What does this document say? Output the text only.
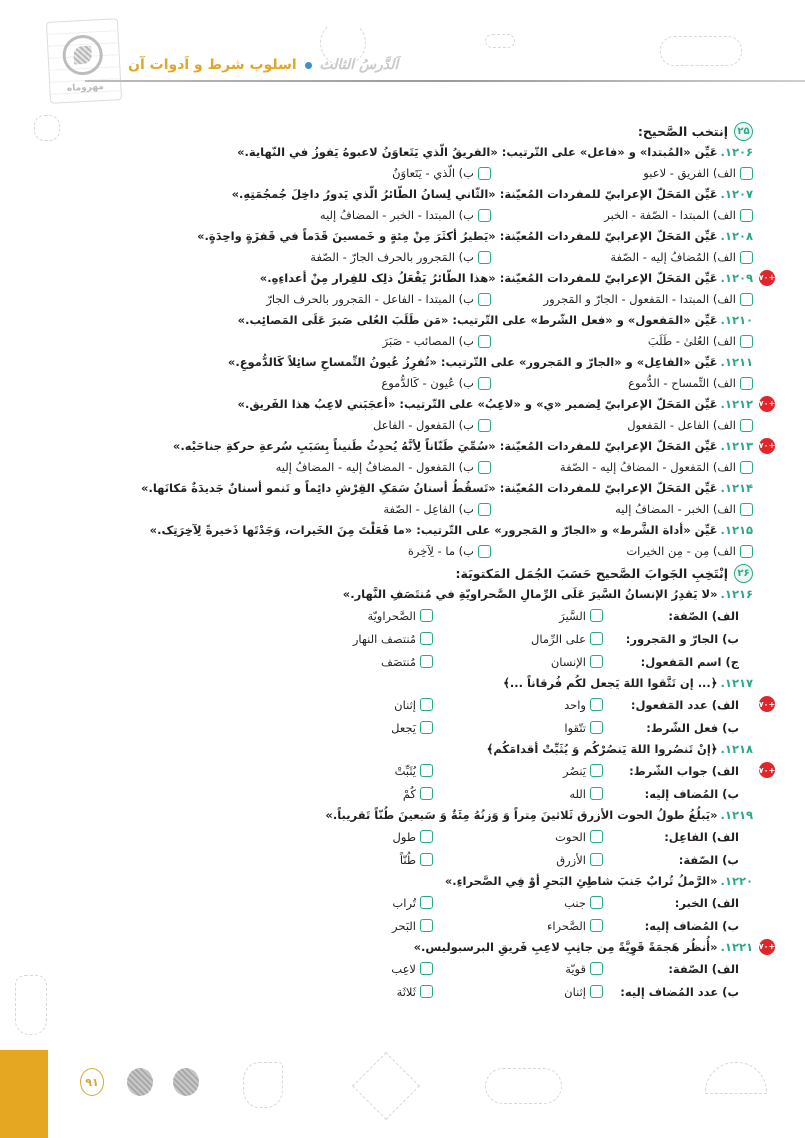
مهروماه
اَلدَّرسُ الثالث  اسلوب شرط و اَدوات آن
۲۵
إنتخب الصَّحيح:
۱۲۰۶.عَيِّن «المُبتدا» و «فاعل» على التّرتيب: «الفريقُ الّذي يَتَعاوَنُ لاعبوهُ يَفوزُ في النّهاية.»
الف) الفريق - لاعبو
ب) الّذي - يَتَعاوَنُ
۱۲۰۷.عَيِّن المَحَلّ الإعرابيّ للمفردات المُعيّنة: «الثّاني لِسانُ الطّائرُ الّذي يَدورُ داخِلَ جُمجُمَتِهِ.»
الف) المبتدا - الصّفة - الخبر
ب) المبتدا - الخبر - المضافُ إليه
۱۲۰۸.عَيِّن المَحَلّ الإعرابيّ للمفردات المُعيّنة: «يَطيرُ أكثَرَ مِنْ مِئةٍ و خَمسينَ قَدَماً في قَفزَةٍ واحِدَةٍ.»
الف) المُضافُ إليه - الصّفة
ب) المَجرور بالحرف الجارّ - الصّفة
+۷۰
۱۲۰۹.عَيِّن المَحَلّ الإعرابيّ للمفردات المُعيّنة: «هذا الطّائرُ يَفْعَلُ ذلِک للفِرار مِنْ أعداءِهِ.»
الف) المبتدا - المَفعول - الجارّ و المَجرور
ب) المبتدا - الفاعل - المَجرور بالحرف الجارّ
۱۲۱۰.عَيِّن «المَفعول» و «فعل الشّرط» على التّرتيب: «مَن طَلَبَ العُلى صَبرَ عَلَى المَصائِب.»
الف) العُلىٰ - طَلَبَ
ب) المصائب - صَبَرَ
۱۲۱۱.عَيِّن «الفاعِل» و «الجارّ و المَجرور» على التّرتيب: «تُفرِزُ عُيونُ التِّمساحِ سائِلاً كَالدُّموعِ.»
الف) التِّمساح - الدُّموع
ب) عُيون - كَالدُّموع
+۷۰
۱۲۱۲.عَيِّن المَحَلّ الإعرابيّ لِضمير «ي» و «لاعِبُ» على التّرتيب: «أعجَبَني لاعِبُ هذا الفَريق.»
الف) الفاعل - المَفعول
ب) المَفعول - الفاعل
+۷۰
۱۲۱۳.عَيِّن المَحَلّ الإعرابيّ للمفردات المُعيّنة: «سُمِّيَ طَنّاناً لِأنَّهُ يُحدِثُ طَنيناً بِسَبَبِ سُرعةِ حركةِ جناحَيْه.»
الف) المَفعول - المضافُ إليه - الصّفة
ب) المَفعول - المضافُ إليه - المضافُ إليه
۱۲۱۴.عَيِّن المَحَلّ الإعرابيّ للمفردات المُعيّنة: «تَسقُطُ أسنانُ سَمَکِ القِرْشِ دائِماً و تَنمو أسنانٌ جَديدَةٌ مَكانَها.»
الف) الخبر - المضافُ إليه
ب) الفاعِل - الصّفة
۱۲۱۵.عَيِّن «أداة الشَّرط» و «الجارّ و المَجرور» على التّرتيب: «ما فَعَلْتَ مِنَ الخَيرات، وَجَدْتَها ذَخيرةً لِآخِرَتِک.»
الف) مِن - مِن الخيرات
ب) ما - لِآخِرة
۲۶
إنْتَخِبِ الجَوابَ الصَّحيح حَسَبَ الجُمَل المَكتوبَة:
۱۲۱۶.«لا يَقدِرُ الإنسانُ السَّيرَ عَلَى الرِّمالِ الصَّحراويّةِ في مُنتَصَفِ النَّهار.»
الف) الصّفة:
السَّيرَ
الصَّحراويّة
ب) الجارّ و المَجرور:
على الرِّمال
مُنتصف النهار
ج) اسم المَفعول:
الإنسان
مُنتصَف
۱۲۱۷.﴿... إن تَتَّقوا اللهَ يَجعل لكُم فُرقاناً ...﴾
+۷۰
الف) عدد المَفعول:
واحد
إثنان
ب) فعل الشّرط:
تتّقوا
يَجعل
۱۲۱۸.﴿إنْ تَنصُروا اللهَ يَنصُرْكُم وَ يُثَبِّتْ أقدامَكُم﴾
+۷۰
الف) جواب الشّرط:
يَنصُر
يُثَبِّتْ
ب) المُضاف إليه:
الله
كُمْ
۱۲۱۹.«يَبلُغُ طولُ الحوت الأزرق ثَلاثينَ مِتراً وَ وَزنُهُ مِئَةٌ وَ سَبعينَ طُنّاً تَقريباً.»
الف) الفاعِل:
الحوت
طول
ب) الصّفة:
الأزرق
طُنّاً
۱۲۲۰.«الرَّملُ تُرابٌ جَنبَ شاطِئِ البَحرِ أوْ فِي الصَّحراءِ.»
الف) الخبر:
جنب
تُراب
ب) المُضاف إليه:
الصَّحراء
البَحر
+۷۰
۱۲۲۱.«أُنظُر هَجمَةً قَوِيَّةً مِن جانِبِ لاعِبِ فَريقِ البرسبوليس.»
الف) الصّفة:
قويّة
لاعِب
ب) عدد المُضاف إليه:
إثنان
ثَلاثَة
۹۱
